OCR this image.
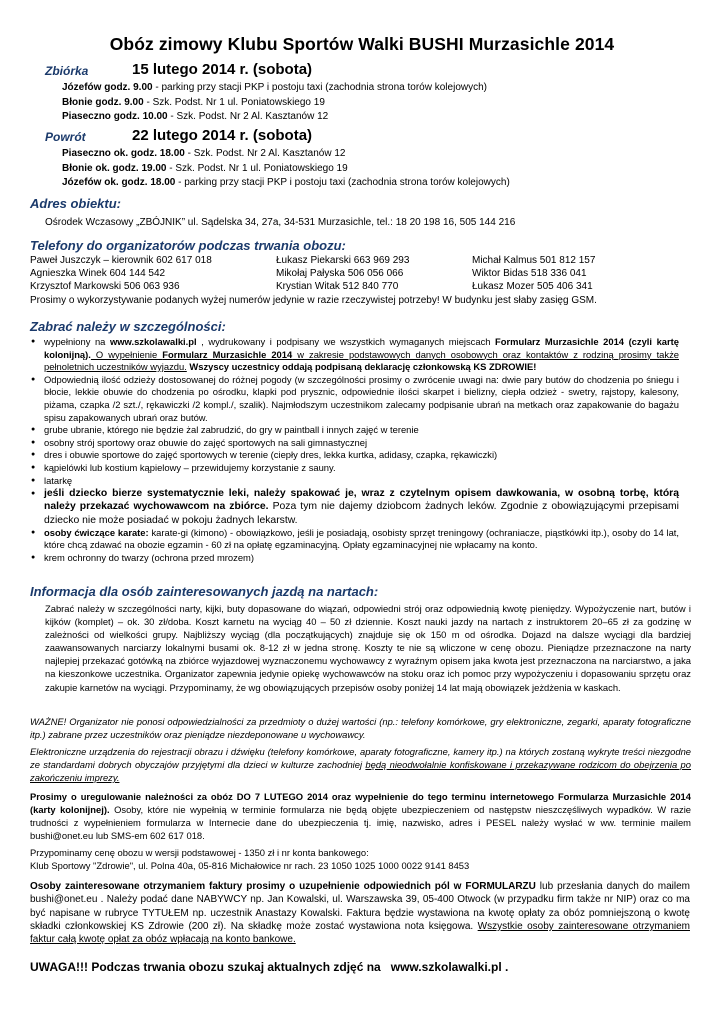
Obóz zimowy Klubu Sportów Walki BUSHI Murzasichle 2014
Zbiórka	15 lutego 2014 r. (sobota)
Józefów godz. 9.00 - parking przy stacji PKP i postoju taxi (zachodnia strona torów kolejowych)
Błonie godz. 9.00 - Szk. Podst. Nr 1 ul. Poniatowskiego 19
Piaseczno godz. 10.00 - Szk. Podst. Nr 2 Al. Kasztanów 12
Powrót	22 lutego 2014 r. (sobota)
Piaseczno ok. godz. 18.00 - Szk. Podst. Nr 2 Al. Kasztanów 12
Błonie ok. godz. 19.00 - Szk. Podst. Nr 1 ul. Poniatowskiego 19
Józefów ok. godz. 18.00 - parking przy stacji PKP i postoju taxi (zachodnia strona torów kolejowych)
Adres obiektu:
Ośrodek Wczasowy „ZBÓJNIK” ul. Sądelska 34, 27a, 34-531 Murzasichle, tel.: 18 20 198 16, 505 144 216
Telefony do organizatorów podczas trwania obozu:
Paweł Juszczyk – kierownik 602 617 018	Łukasz Piekarski 663 969 293	Michał Kalmus 501 812 157
Agnieszka Winek 604 144 542	Mikołaj Pałyska 506 056 066	Wiktor Bidas 518 336 041
Krzysztof Markowski 506 063 936	Krystian Witak 512 840 770	Łukasz Mozer 505 406 341
Prosimy o wykorzystywanie podanych wyżej numerów jedynie w razie rzeczywistej potrzeby! W budynku jest słaby zasięg GSM.
Zabrać należy w szczególności:
● wypełniony na www.szkolawalki.pl , wydrukowany i podpisany we wszystkich wymaganych miejscach Formularz Murzasichle 2014 (czyli kartę kolonijną). O wypełnienie Formularz Murzasichle 2014 w zakresie podstawowych danych osobowych oraz kontaktów z rodziną prosimy także pełnoletnich uczestników wyjazdu. Wszyscy uczestnicy oddają podpisaną deklarację członkowską KS ZDROWIE!
● Odpowiednią ilość odzieży dostosowanej do różnej pogody (w szczególności prosimy o zwrócenie uwagi na: dwie pary butów do chodzenia po śniegu i błocie, lekkie obuwie do chodzenia po ośrodku, klapki pod prysznic, odpowiednie ilości skarpet i bielizny, ciepła odzież - swetry, rajstopy, kalesony, piżama, czapka /2 szt./, rękawiczki /2 kompl./, szalik). Najmłodszym uczestnikom zalecamy podpisanie ubrań na metkach oraz zapakowanie do bagażu spisu zapakowanych ubrań oraz butów.
● grube ubranie, którego nie będzie żal zabrudzić, do gry w paintball i innych zajęć w terenie
● osobny strój sportowy oraz obuwie do zajęć sportowych na sali gimnastycznej
● dres i obuwie sportowe do zajęć sportowych w terenie (ciepły dres, lekka kurtka, adidasy, czapka, rękawiczki)
● kąpielówki lub kostium kąpielowy – przewidujemy korzystanie z sauny.
● latarkę
● jeśli dziecko bierze systematycznie leki, należy spakować je, wraz z czytelnym opisem dawkowania, w osobną torbę, którą należy przekazać wychowawcom na zbiórce. Poza tym nie dajemy dziobcom żadnych leków. Zgodnie z obowiązującymi przepisami dziecko nie może posiadać w pokoju żadnych lekarstw.
● osoby ćwiczące karate: karate-gi (kimono) - obowiązkowo, jeśli je posiadają, osobisty sprzęt treningowy (ochraniacze, piąstkówki itp.), osoby do 14 lat, które chcą zdawać na obozie egzamin - 60 zł na opłatę egzaminacyjną. Opłaty egzaminacyjnej nie wpłacamy na konto.
● krem ochronny do twarzy (ochrona przed mrozem)
Informacja dla osób zainteresowanych jazdą na nartach:
Zabrać należy w szczególności narty, kijki, buty dopasowane do wiązań, odpowiedni strój oraz odpowiednią kwotę pieniędzy. Wypożyczenie nart, butów i kijków (komplet) – ok. 30 zł/doba. Koszt karnetu na wyciąg 40 – 50 zł dziennie. Koszt nauki jazdy na nartach z instruktorem 20–65 zł za godzinę w zależności od wielkości grupy. Najbliższy wyciąg (dla początkujących) znajduje się ok 150 m od ośrodka. Dojazd na dalsze wyciągi dla bardziej zaawansowanych narciarzy lokalnymi busami ok. 8-12 zł w jedna stronę. Koszty te nie są wliczone w cenę obozu. Pieniądze przeznaczone na narty najlepiej przekazać gotówką na zbiórce wyjazdowej wyznaczonemu wychowawcy z wyraźnym opisem jaka kwota jest przeznaczona na narciarstwo, a jaka na kieszonkowe uczestnika. Organizator zapewnia jedynie opiekę wychowawców na stoku oraz ich pomoc przy wypożyczeniu i dopasowaniu sprzętu oraz zakupie karnetów na wyciągi. Przypominamy, że wg obowiązujących przepisów osoby poniżej 14 lat mają obowiązek jeżdżenia w kaskach.
WAŻNE! Organizator nie ponosi odpowiedzialności za przedmioty o dużej wartości (np.: telefony komórkowe, gry elektroniczne, zegarki, aparaty fotograficzne itp.) zabrane przez uczestników oraz pieniądze niezdeponowane u wychowawcy.
Elektroniczne urządzenia do rejestracji obrazu i dźwięku (telefony komórkowe, aparaty fotograficzne, kamery itp.) na których zostaną wykryte treści niezgodne ze standardami dobrych obyczajów przyjętymi dla dzieci w kulturze zachodniej będą nieodwołalnie konfiskowane i przekazywane rodzicom do obejrzenia po zakończeniu imprezy.
Prosimy o uregulowanie należności za obóz DO 7 LUTEGO 2014 oraz wypełnienie do tego terminu internetowego Formularza Murzasichle 2014 (karty kolonijnej). Osoby, które nie wypełnią w terminie formularza nie będą objęte ubezpieczeniem od następstw nieszczęśliwych wypadków. W razie trudności z wypełnieniem formularza w Internecie dane do ubezpieczenia tj. imię, nazwisko, adres i PESEL należy wysłać w ww. terminie mailem bushi@onet.eu lub SMS-em 602 617 018.

Przypominamy cenę obozu w wersji podstawowej - 1350 zł i nr konta bankowego:

Klub Sportowy "Zdrowie", ul. Polna 40a, 05-816 Michałowice nr rach. 23 1050 1025 1000 0022 9141 8453

Osoby zainteresowane otrzymaniem faktury prosimy o uzupełnienie odpowiednich pól w FORMULARZU lub przesłania danych do mailem bushi@onet.eu . Należy podać dane NABYWCY np. Jan Kowalski, ul. Warszawska 39, 05-400 Otwock (w przypadku firm także nr NIP) oraz co ma być napisane w rubryce TYTUŁEM np. uczestnik Anastazy Kowalski. Faktura będzie wystawiona na kwotę opłaty za obóz pomniejszoną o kwotę składki członkowskiej KS Zdrowie (200 zł). Na składkę może zostać wystawiona nota księgowa. Wszystkie osoby zainteresowane otrzymaniem faktur całą kwotę opłat za obóz wpłacają na konto bankowe.
UWAGA!!! Podczas trwania obozu szukaj aktualnych zdjęć na www.szkolawalki.pl .
